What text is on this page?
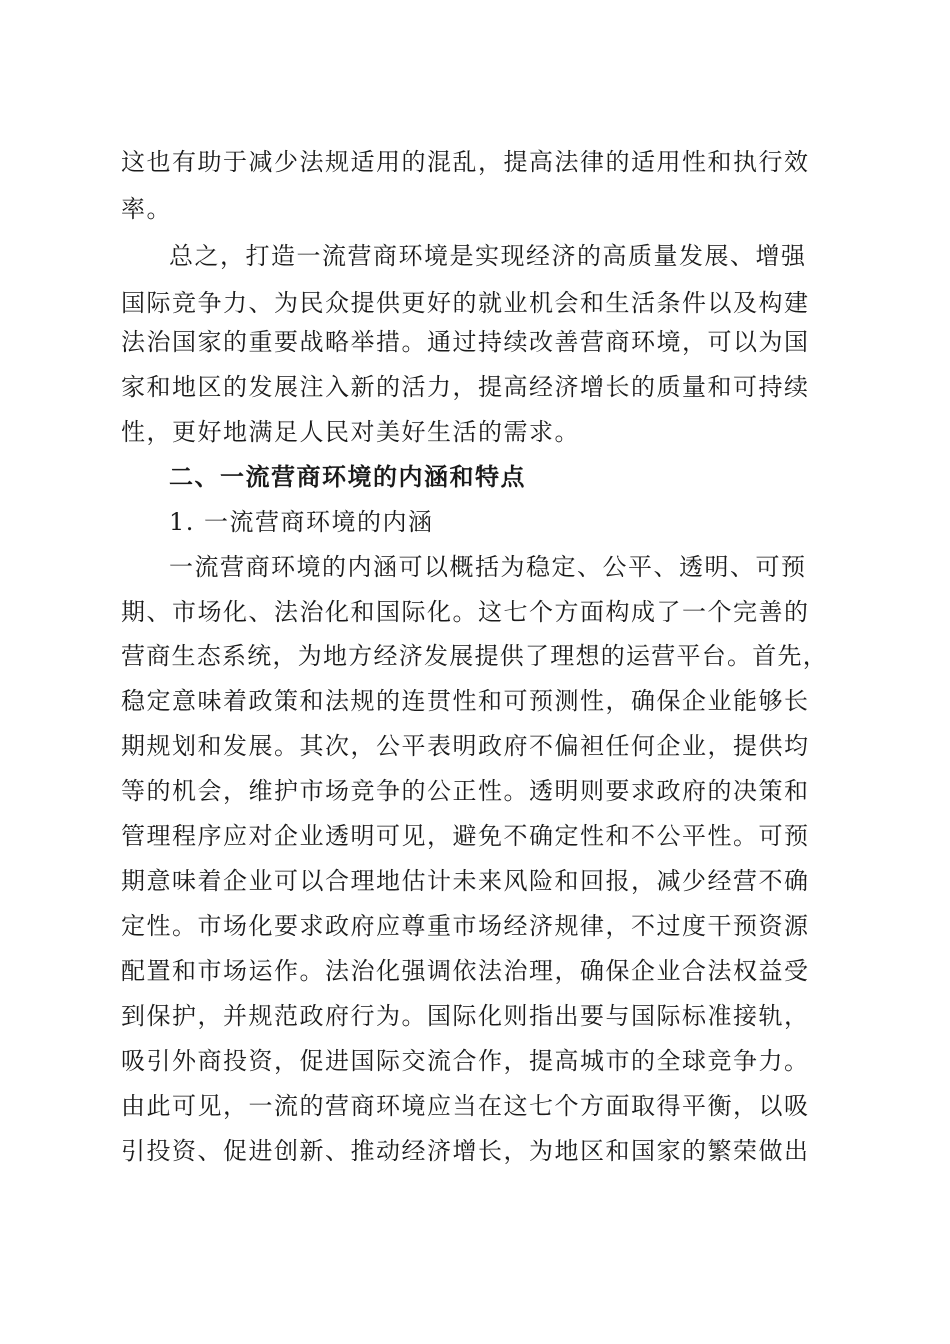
这也有助于减少法规适用的混乱，提高法律的适用性和执行效
率。
总之，打造一流营商环境是实现经济的高质量发展、增强
国际竞争力、为民众提供更好的就业机会和生活条件以及构建
法治国家的重要战略举措。通过持续改善营商环境，可以为国
家和地区的发展注入新的活力，提高经济增长的质量和可持续
性，更好地满足人民对美好生活的需求。
二、一流营商环境的内涵和特点
1. 一流营商环境的内涵
一流营商环境的内涵可以概括为稳定、公平、透明、可预
期、市场化、法治化和国际化。这七个方面构成了一个完善的
营商生态系统，为地方经济发展提供了理想的运营平台。首先，
稳定意味着政策和法规的连贯性和可预测性，确保企业能够长
期规划和发展。其次，公平表明政府不偏袒任何企业，提供均
等的机会，维护市场竞争的公正性。透明则要求政府的决策和
管理程序应对企业透明可见，避免不确定性和不公平性。可预
期意味着企业可以合理地估计未来风险和回报，减少经营不确
定性。市场化要求政府应尊重市场经济规律，不过度干预资源
配置和市场运作。法治化强调依法治理，确保企业合法权益受
到保护，并规范政府行为。国际化则指出要与国际标准接轨，
吸引外商投资，促进国际交流合作，提高城市的全球竞争力。
由此可见，一流的营商环境应当在这七个方面取得平衡，以吸
引投资、促进创新、推动经济增长，为地区和国家的繁荣做出
